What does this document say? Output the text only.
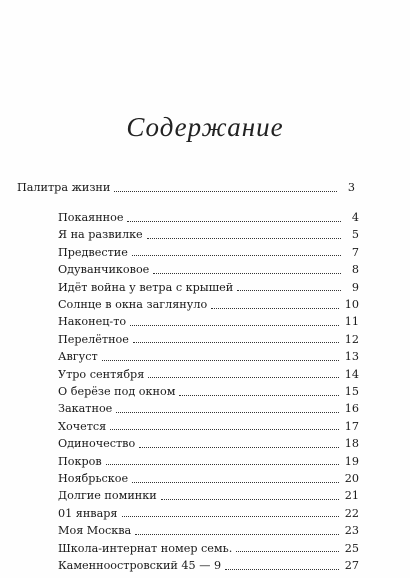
Содержание
Палитра жизни	3
Покаянное	4
Я на развилке	5
Предвестие	7
Одуванчиковое	8
Идёт война у ветра с крышей	9
Солнце в окна заглянуло	10
Наконец-то	11
Перелётное	12
Август	13
Утро сентября	14
О берёзе под окном	15
Закатное	16
Хочется	17
Одиночество	18
Покров	19
Ноябрьское	20
Долгие поминки	21
01 января	22
Моя Москва	23
Школа-интернат номер семь.	25
Каменноостровский 45 — 9	27
